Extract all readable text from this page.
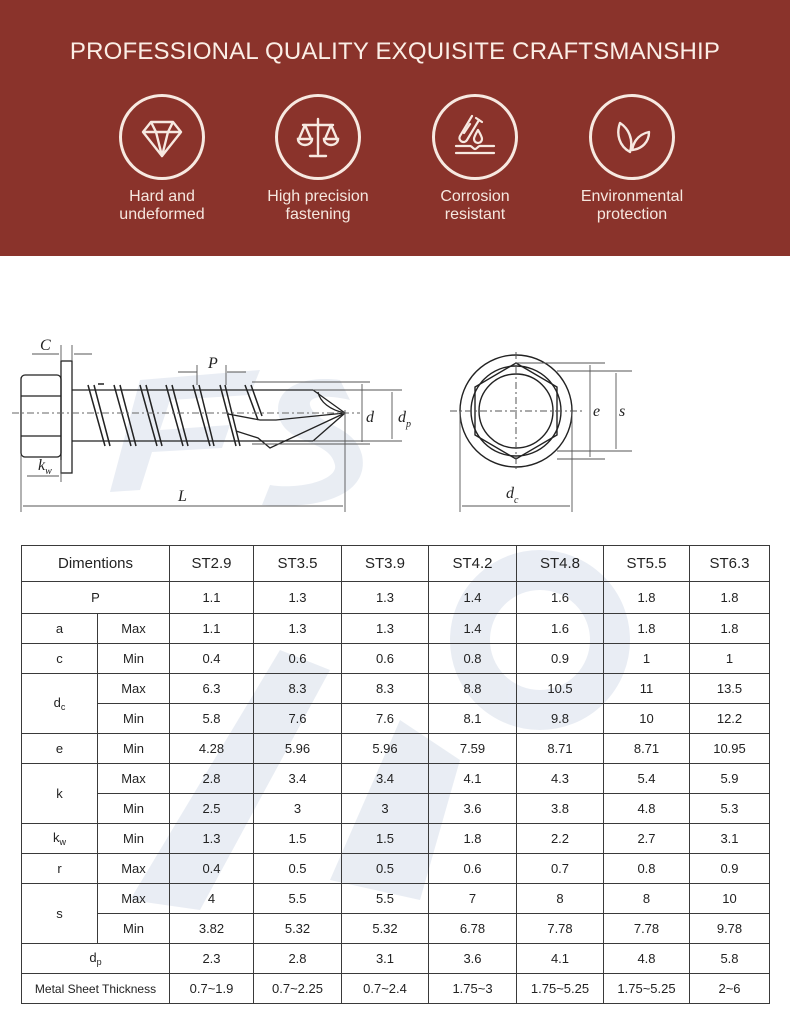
PROFESSIONAL QUALITY EXQUISITE CRAFTSMANSHIP
Hard and
undeformed
High precision
fastening
Corrosion
resistant
Environmental
protection
C
P
d $d_p$
$k_w$
L
e s
$d_c$
Dimentions		ST2.9	ST3.5	ST3.9	ST4.2	ST4.8	ST5.5	ST6.3
P		1.1	1.3	1.3	1.4	1.6	1.8	1.8
a	Max	1.1	1.3	1.3	1.4	1.6	1.8	1.8
c	Min	0.4	0.6	0.6	0.8	0.9	1	1
$d_c$	Max	6.3	8.3	8.3	8.8	10.5	11	13.5
	Min	5.8	7.6	7.6	8.1	9.8	10	12.2
e	Min	4.28	5.96	5.96	7.59	8.71	8.71	10.95
k	Max	2.8	3.4	3.4	4.1	4.3	5.4	5.9
	Min	2.5	3	3	3.6	3.8	4.8	5.3
$k_w$	Min	1.3	1.5	1.5	1.8	2.2	2.7	3.1
r	Max	0.4	0.5	0.5	0.6	0.7	0.8	0.9
s	Max	4	5.5	5.5	7	8	8	10
	Min	3.82	5.32	5.32	6.78	7.78	7.78	9.78
$d_p$		2.3	2.8	3.1	3.6	4.1	4.8	5.8
Metal Sheet Thickness		0.7~1.9	0.7~2.25	0.7~2.4	1.75~3	1.75~5.25	1.75~5.25	2~6
